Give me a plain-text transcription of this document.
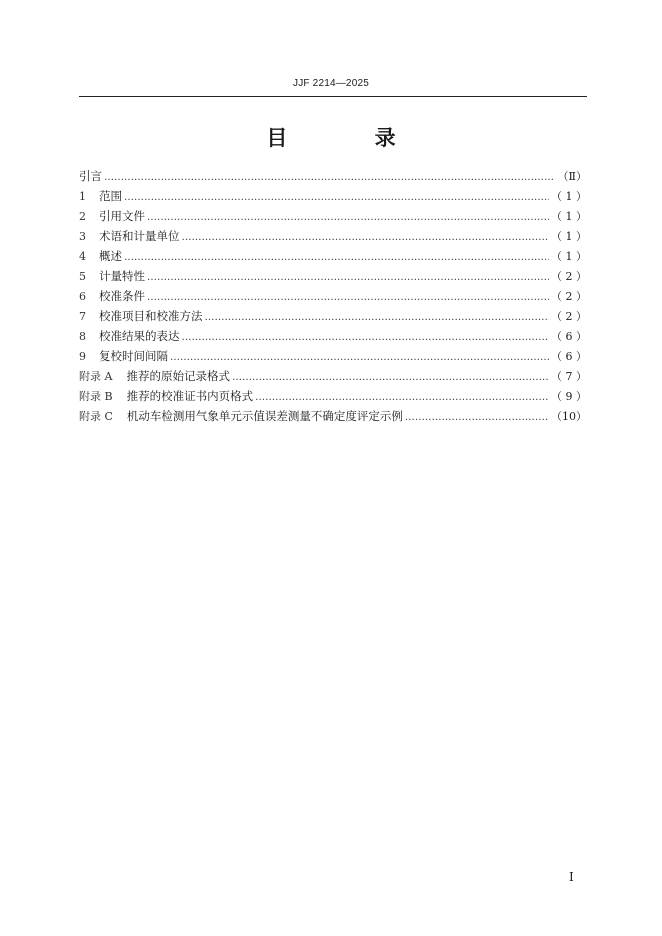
JJF 2214—2025
目 录
引言 ……………………………………………………………………………………………………………………………………………………………………………………………………………………	（Ⅱ）
1	范围 ……………………………………………………………………………………………………………………………………………………………………………………………………………………	（ 1 ）
2	引用文件 ……………………………………………………………………………………………………………………………………………………………………………………………………………………	（ 1 ）
3	术语和计量单位 ……………………………………………………………………………………………………………………………………………………………………………………………………………………	（ 1 ）
4	概述 ……………………………………………………………………………………………………………………………………………………………………………………………………………………	（ 1 ）
5	计量特性 ……………………………………………………………………………………………………………………………………………………………………………………………………………………	（ 2 ）
6	校准条件 ……………………………………………………………………………………………………………………………………………………………………………………………………………………	（ 2 ）
7	校准项目和校准方法 ……………………………………………………………………………………………………………………………………………………………………………………………………………………	（ 2 ）
8	校准结果的表达 ……………………………………………………………………………………………………………………………………………………………………………………………………………………	（ 6 ）
9	复校时间间隔 ……………………………………………………………………………………………………………………………………………………………………………………………………………………	（ 6 ）
附录 A 推荐的原始记录格式 ……………………………………………………………………………………………………………………………………………………………………………………………………………………	（ 7 ）
附录 B 推荐的校准证书内页格式 ……………………………………………………………………………………………………………………………………………………………………………………………………………………	（ 9 ）
附录 C 机动车检测用气象单元示值误差测量不确定度评定示例 ……………………………………………………………………………………………………………………………………………………………………………………………………………………	（10）
I
